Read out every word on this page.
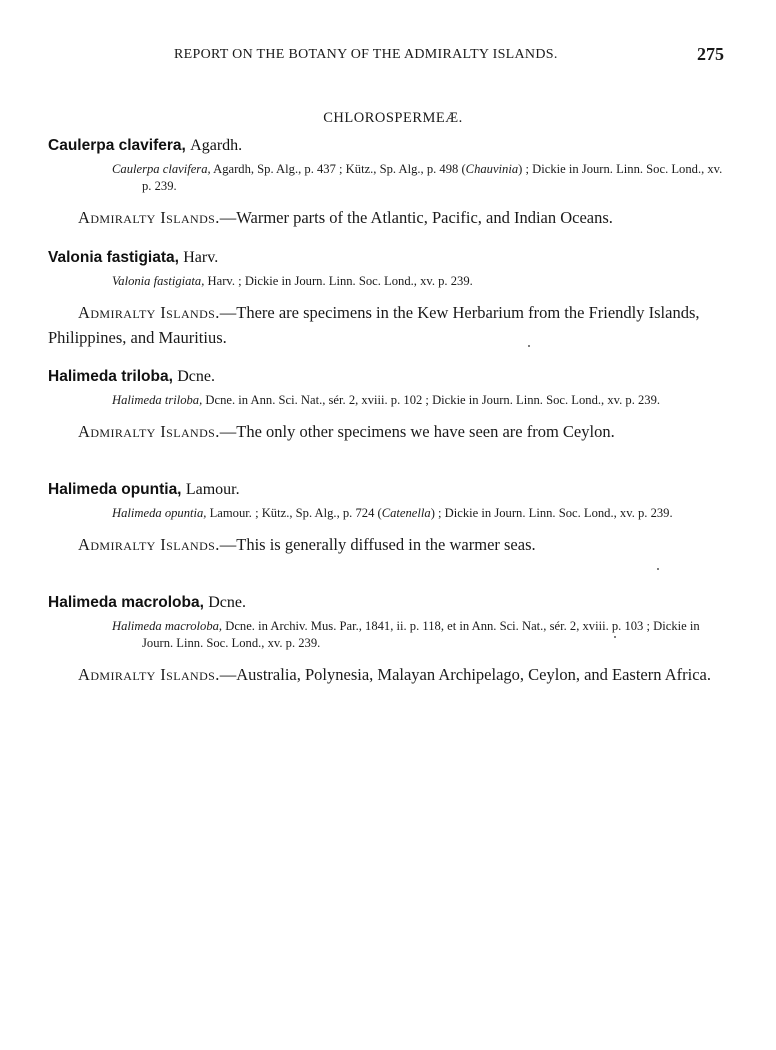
REPORT ON THE BOTANY OF THE ADMIRALTY ISLANDS.	275
CHLOROSPERMEÆ.

Caulerpa clavifera, Agardh.

Caulerpa clavifera, Agardh, Sp. Alg., p. 437 ; Kütz., Sp. Alg., p. 498 (Chauvinia) ; Dickie in Journ. Linn. Soc. Lond., xv. p. 239.

Admiralty Islands.—Warmer parts of the Atlantic, Pacific, and Indian Oceans.

Valonia fastigiata, Harv.

Valonia fastigiata, Harv. ; Dickie in Journ. Linn. Soc. Lond., xv. p. 239.

Admiralty Islands.—There are specimens in the Kew Herbarium from the Friendly Islands, Philippines, and Mauritius.

Halimeda triloba, Dcne.

Halimeda triloba, Dcne. in Ann. Sci. Nat., sér. 2, xviii. p. 102 ; Dickie in Journ. Linn. Soc. Lond., xv. p. 239.

Admiralty Islands.—The only other specimens we have seen are from Ceylon.

Halimeda opuntia, Lamour.

Halimeda opuntia, Lamour. ; Kütz., Sp. Alg., p. 724 (Catenella) ; Dickie in Journ. Linn. Soc. Lond., xv. p. 239.

Admiralty Islands.—This is generally diffused in the warmer seas.

Halimeda macroloba, Dcne.

Halimeda macroloba, Dcne. in Archiv. Mus. Par., 1841, ii. p. 118, et in Ann. Sci. Nat., sér. 2, xviii. p. 103 ; Dickie in Journ. Linn. Soc. Lond., xv. p. 239.

Admiralty Islands.—Australia, Polynesia, Malayan Archipelago, Ceylon, and Eastern Africa.
